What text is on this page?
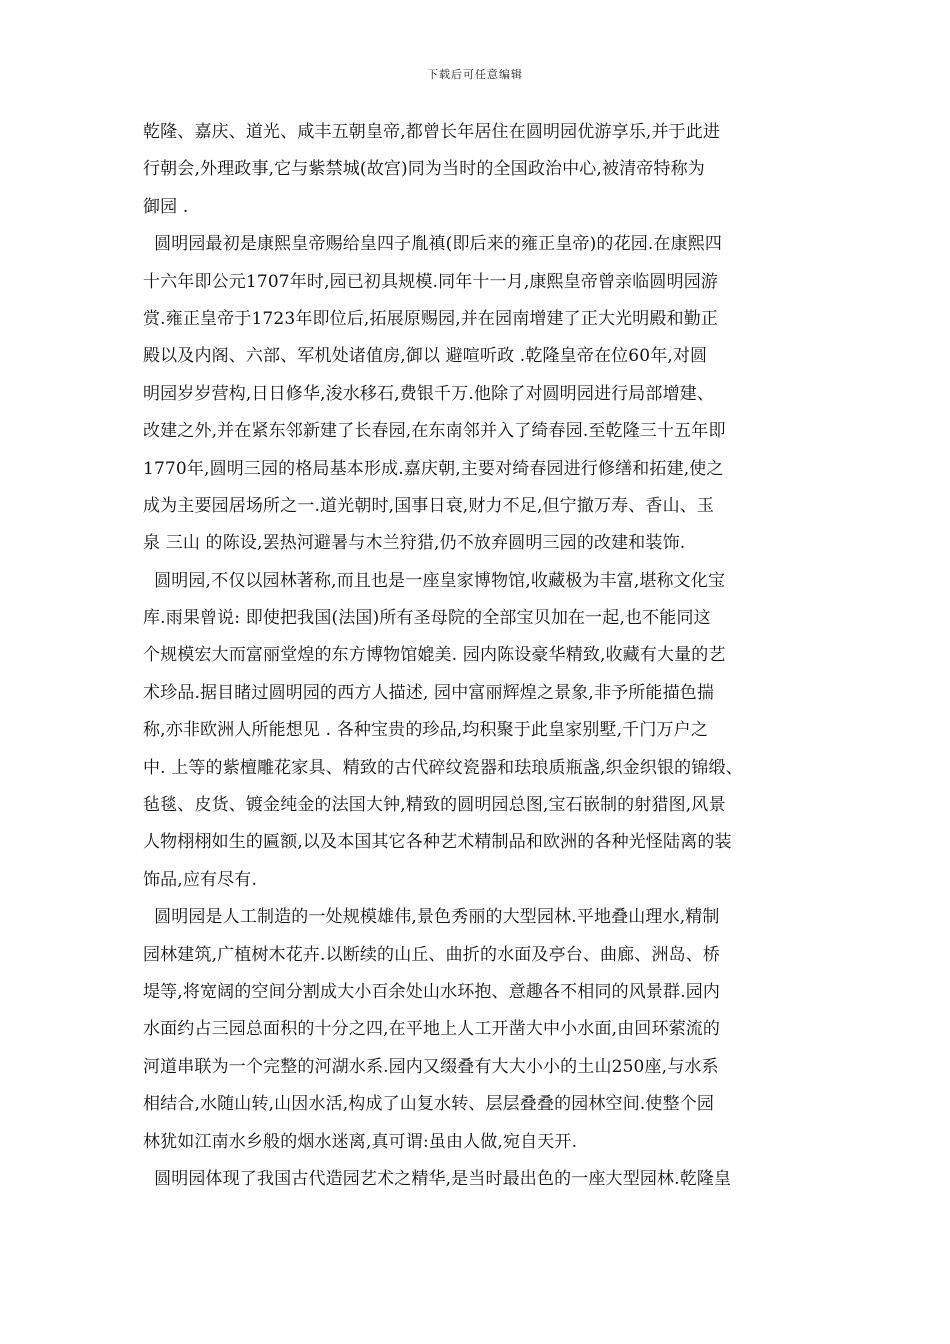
下载后可任意编辑
乾隆、嘉庆、道光、咸丰五朝皇帝,都曾长年居住在圆明园优游享乐,并于此进
行朝会,外理政事,它与紫禁城(故宫)同为当时的全国政治中心,被清帝特称为
御园 .
圆明园最初是康熙皇帝赐给皇四子胤禛(即后来的雍正皇帝)的花园.在康熙四
十六年即公元1707年时,园已初具规模.同年十一月,康熙皇帝曾亲临圆明园游
赏.雍正皇帝于1723年即位后,拓展原赐园,并在园南增建了正大光明殿和勤正
殿以及内阁、六部、军机处诸值房,御以 避喧听政 .乾隆皇帝在位60年,对圆
明园岁岁营构,日日修华,浚水移石,费银千万.他除了对圆明园进行局部增建、
改建之外,并在紧东邻新建了长春园,在东南邻并入了绮春园.至乾隆三十五年即
1770年,圆明三园的格局基本形成.嘉庆朝,主要对绮春园进行修缮和拓建,使之
成为主要园居场所之一.道光朝时,国事日衰,财力不足,但宁撤万寿、香山、玉
泉 三山 的陈设,罢热河避暑与木兰狩猎,仍不放弃圆明三园的改建和装饰.
圆明园,不仅以园林著称,而且也是一座皇家博物馆,收藏极为丰富,堪称文化宝
库.雨果曾说: 即使把我国(法国)所有圣母院的全部宝贝加在一起,也不能同这
个规模宏大而富丽堂煌的东方博物馆媲美. 园内陈设豪华精致,收藏有大量的艺
术珍品.据目睹过圆明园的西方人描述, 园中富丽辉煌之景象,非予所能描色揣
称,亦非欧洲人所能想见 . 各种宝贵的珍品,均积聚于此皇家别墅,千门万户之
中. 上等的紫檀雕花家具、精致的古代碎纹瓷器和珐琅质瓶盏,织金织银的锦缎、
毡毯、皮货、镀金纯金的法国大钟,精致的圆明园总图,宝石嵌制的射猎图,风景
人物栩栩如生的匾额,以及本国其它各种艺术精制品和欧洲的各种光怪陆离的装
饰品,应有尽有.
圆明园是人工制造的一处规模雄伟,景色秀丽的大型园林.平地叠山理水,精制
园林建筑,广植树木花卉.以断续的山丘、曲折的水面及亭台、曲廊、洲岛、桥
堤等,将宽阔的空间分割成大小百余处山水环抱、意趣各不相同的风景群.园内
水面约占三园总面积的十分之四,在平地上人工开凿大中小水面,由回环萦流的
河道串联为一个完整的河湖水系.园内又缀叠有大大小小的土山250座,与水系
相结合,水随山转,山因水活,构成了山复水转、层层叠叠的园林空间.使整个园
林犹如江南水乡般的烟水迷离,真可谓:虽由人做,宛自天开.
圆明园体现了我国古代造园艺术之精华,是当时最出色的一座大型园林.乾隆皇
